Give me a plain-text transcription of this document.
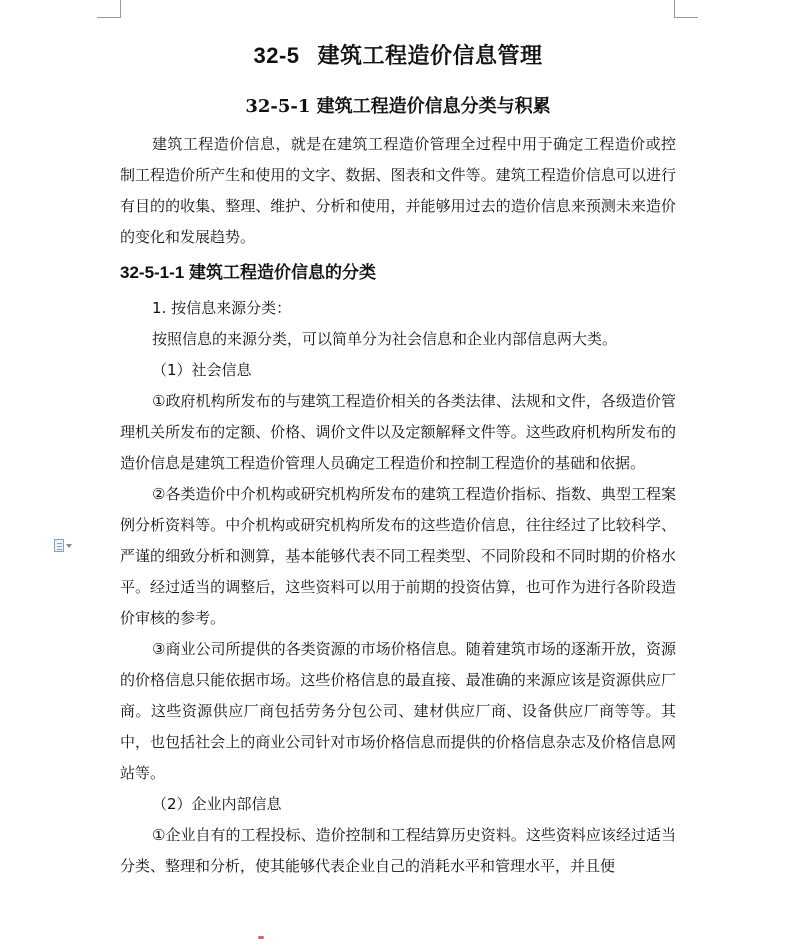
32-5 建筑工程造价信息管理
32-5-1 建筑工程造价信息分类与积累

建筑工程造价信息，就是在建筑工程造价管理全过程中用于确定工程造价或控制工程造价所产生和使用的文字、数据、图表和文件等。建筑工程造价信息可以进行有目的的收集、整理、维护、分析和使用，并能够用过去的造价信息来预测未来造价的变化和发展趋势。

32-5-1-1 建筑工程造价信息的分类

1. 按信息来源分类：

按照信息的来源分类，可以简单分为社会信息和企业内部信息两大类。

（1）社会信息

①政府机构所发布的与建筑工程造价相关的各类法律、法规和文件，各级造价管理机关所发布的定额、价格、调价文件以及定额解释文件等。这些政府机构所发布的造价信息是建筑工程造价管理人员确定工程造价和控制工程造价的基础和依据。

②各类造价中介机构或研究机构所发布的建筑工程造价指标、指数、典型工程案例分析资料等。中介机构或研究机构所发布的这些造价信息，往往经过了比较科学、严谨的细致分析和测算，基本能够代表不同工程类型、不同阶段和不同时期的价格水平。经过适当的调整后，这些资料可以用于前期的投资估算，也可作为进行各阶段造价审核的参考。

③商业公司所提供的各类资源的市场价格信息。随着建筑市场的逐渐开放，资源的价格信息只能依据市场。这些价格信息的最直接、最准确的来源应该是资源供应厂商。这些资源供应厂商包括劳务分包公司、建材供应厂商、设备供应厂商等等。其中，也包括社会上的商业公司针对市场价格信息而提供的价格信息杂志及价格信息网站等。

（2）企业内部信息

①企业自有的工程投标、造价控制和工程结算历史资料。这些资料应该经过适当分类、整理和分析，使其能够代表企业自己的消耗水平和管理水平，并且便
